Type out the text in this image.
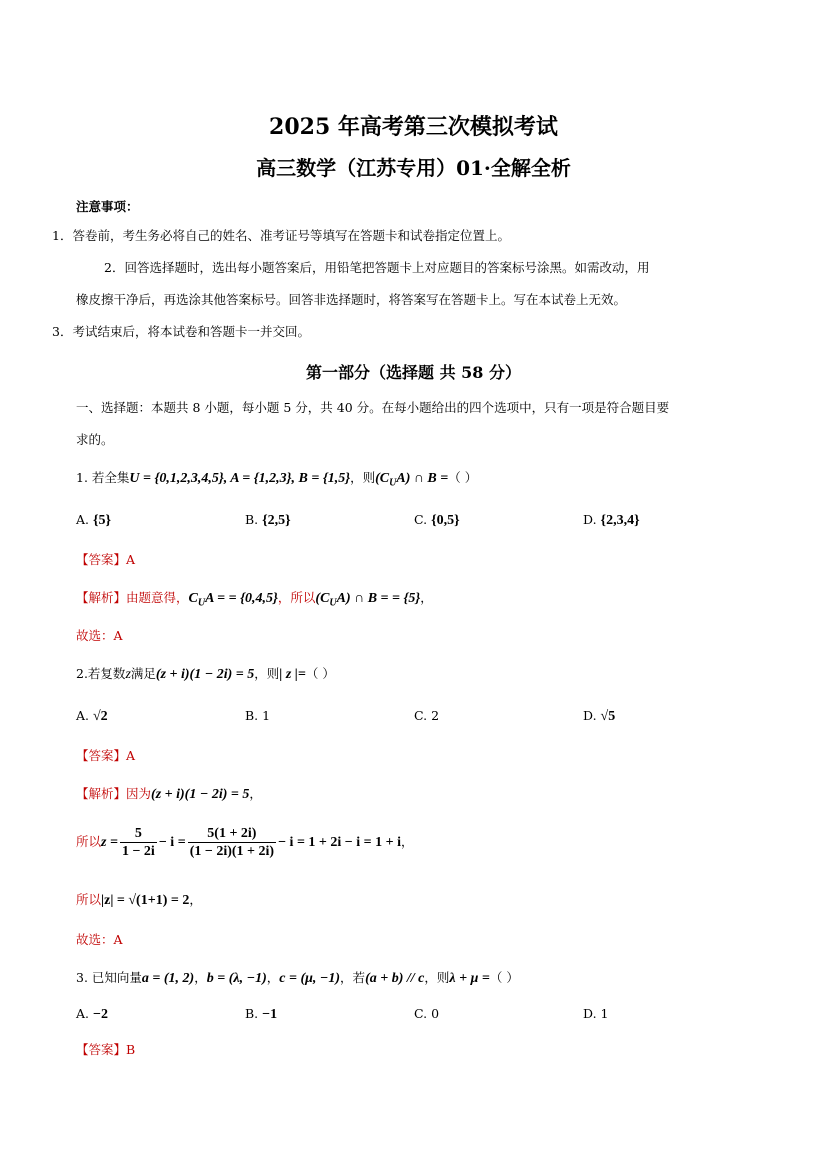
2025 年高考第三次模拟考试
高三数学（江苏专用）01·全解全析
注意事项：
1．答卷前，考生务必将自己的姓名、准考证号等填写在答题卡和试卷指定位置上。
2．回答选择题时，选出每小题答案后，用铅笔把答题卡上对应题目的答案标号涂黑。如需改动，用
橡皮擦干净后，再选涂其他答案标号。回答非选择题时，将答案写在答题卡上。写在本试卷上无效。
3．考试结束后，将本试卷和答题卡一并交回。
第一部分（选择题 共 58 分）
一、选择题：本题共 8 小题，每小题 5 分，共 40 分。在每小题给出的四个选项中，只有一项是符合题目要
求的。
1. 若全集U = {0,1,2,3,4,5}, A = {1,2,3}, B = {1,5}，则$(C_UA)$ ∩ B =（ ）
A. {5}	B. {2,5}	C. {0,5}	D. {2,3,4}
【答案】A
【解析】由题意得，$C_UA$ = = {0,4,5}，所以$(C_UA)$ ∩ B = = {5}，
故选：A
2.若复数z满足(z + i)(1 − 2i) = 5，则| z |=（ ）
A. √2	B. 1	C. 2	D. √5
【答案】A
【解析】因为(z + i)(1 − 2i) = 5，
所以$z = \frac{5}{1 - 2i} - i = \frac{5(1 + 2i)}{(1 - 2i)(1 + 2i)} - i = 1 + 2i - i = 1 + i$，
所以|z| = √(1+1) = 2，
故选：A
3. 已知向量a = (1, 2)，b = (λ, −1)，c = (μ, −1)，若(a + b) // c，则λ + μ =（ ）
A. −2	B. −1	C. 0	D. 1
【答案】B
